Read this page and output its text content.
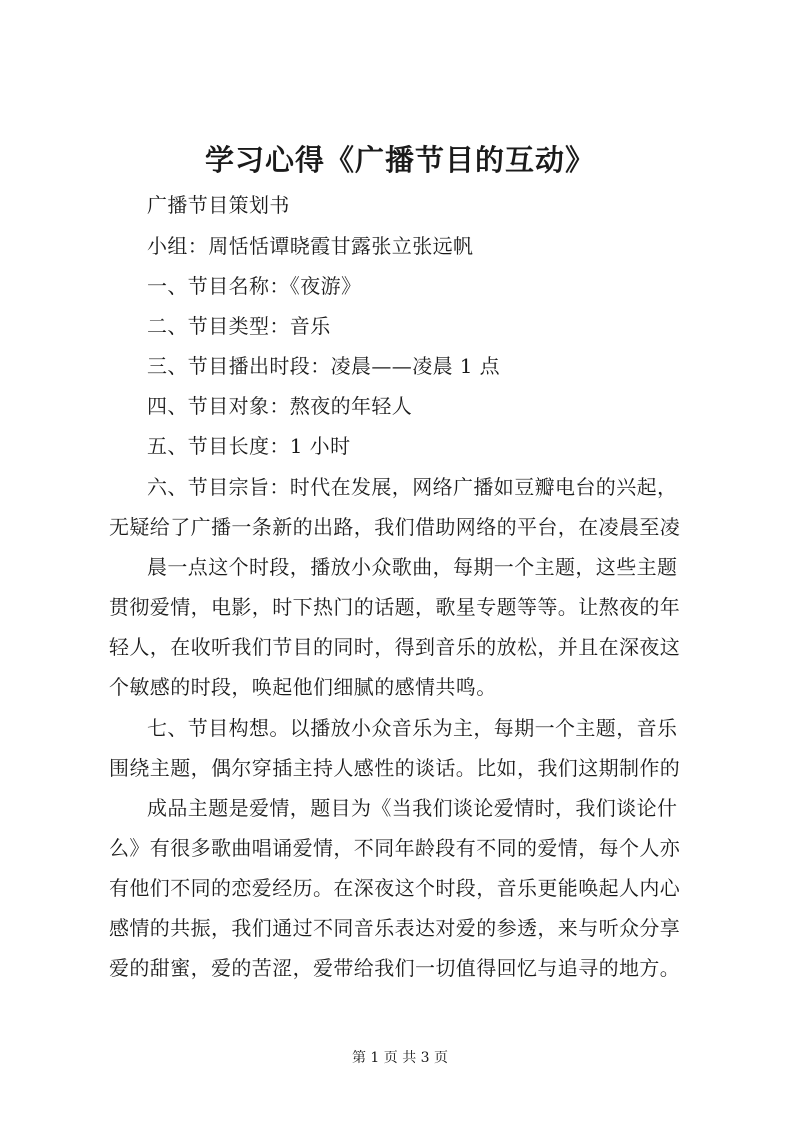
学习心得《广播节目的互动》

广播节目策划书

小组：周恬恬谭晓霞甘露张立张远帆

一、节目名称：《夜游》

二、节目类型：音乐

三、节目播出时段：凌晨——凌晨 1 点

四、节目对象：熬夜的年轻人

五、节目长度：1 小时

六、节目宗旨：时代在发展，网络广播如豆瓣电台的兴起，

无疑给了广播一条新的出路，我们借助网络的平台，在凌晨至凌

晨一点这个时段，播放小众歌曲，每期一个主题，这些主题

贯彻爱情，电影，时下热门的话题，歌星专题等等。让熬夜的年

轻人，在收听我们节目的同时，得到音乐的放松，并且在深夜这

个敏感的时段，唤起他们细腻的感情共鸣。

七、节目构想。以播放小众音乐为主，每期一个主题，音乐

围绕主题，偶尔穿插主持人感性的谈话。比如，我们这期制作的

成品主题是爱情，题目为《当我们谈论爱情时，我们谈论什

么》有很多歌曲唱诵爱情，不同年龄段有不同的爱情，每个人亦

有他们不同的恋爱经历。在深夜这个时段，音乐更能唤起人内心

感情的共振，我们通过不同音乐表达对爱的参透，来与听众分享

爱的甜蜜，爱的苦涩，爱带给我们一切值得回忆与追寻的地方。

第 1 页 共 3 页
